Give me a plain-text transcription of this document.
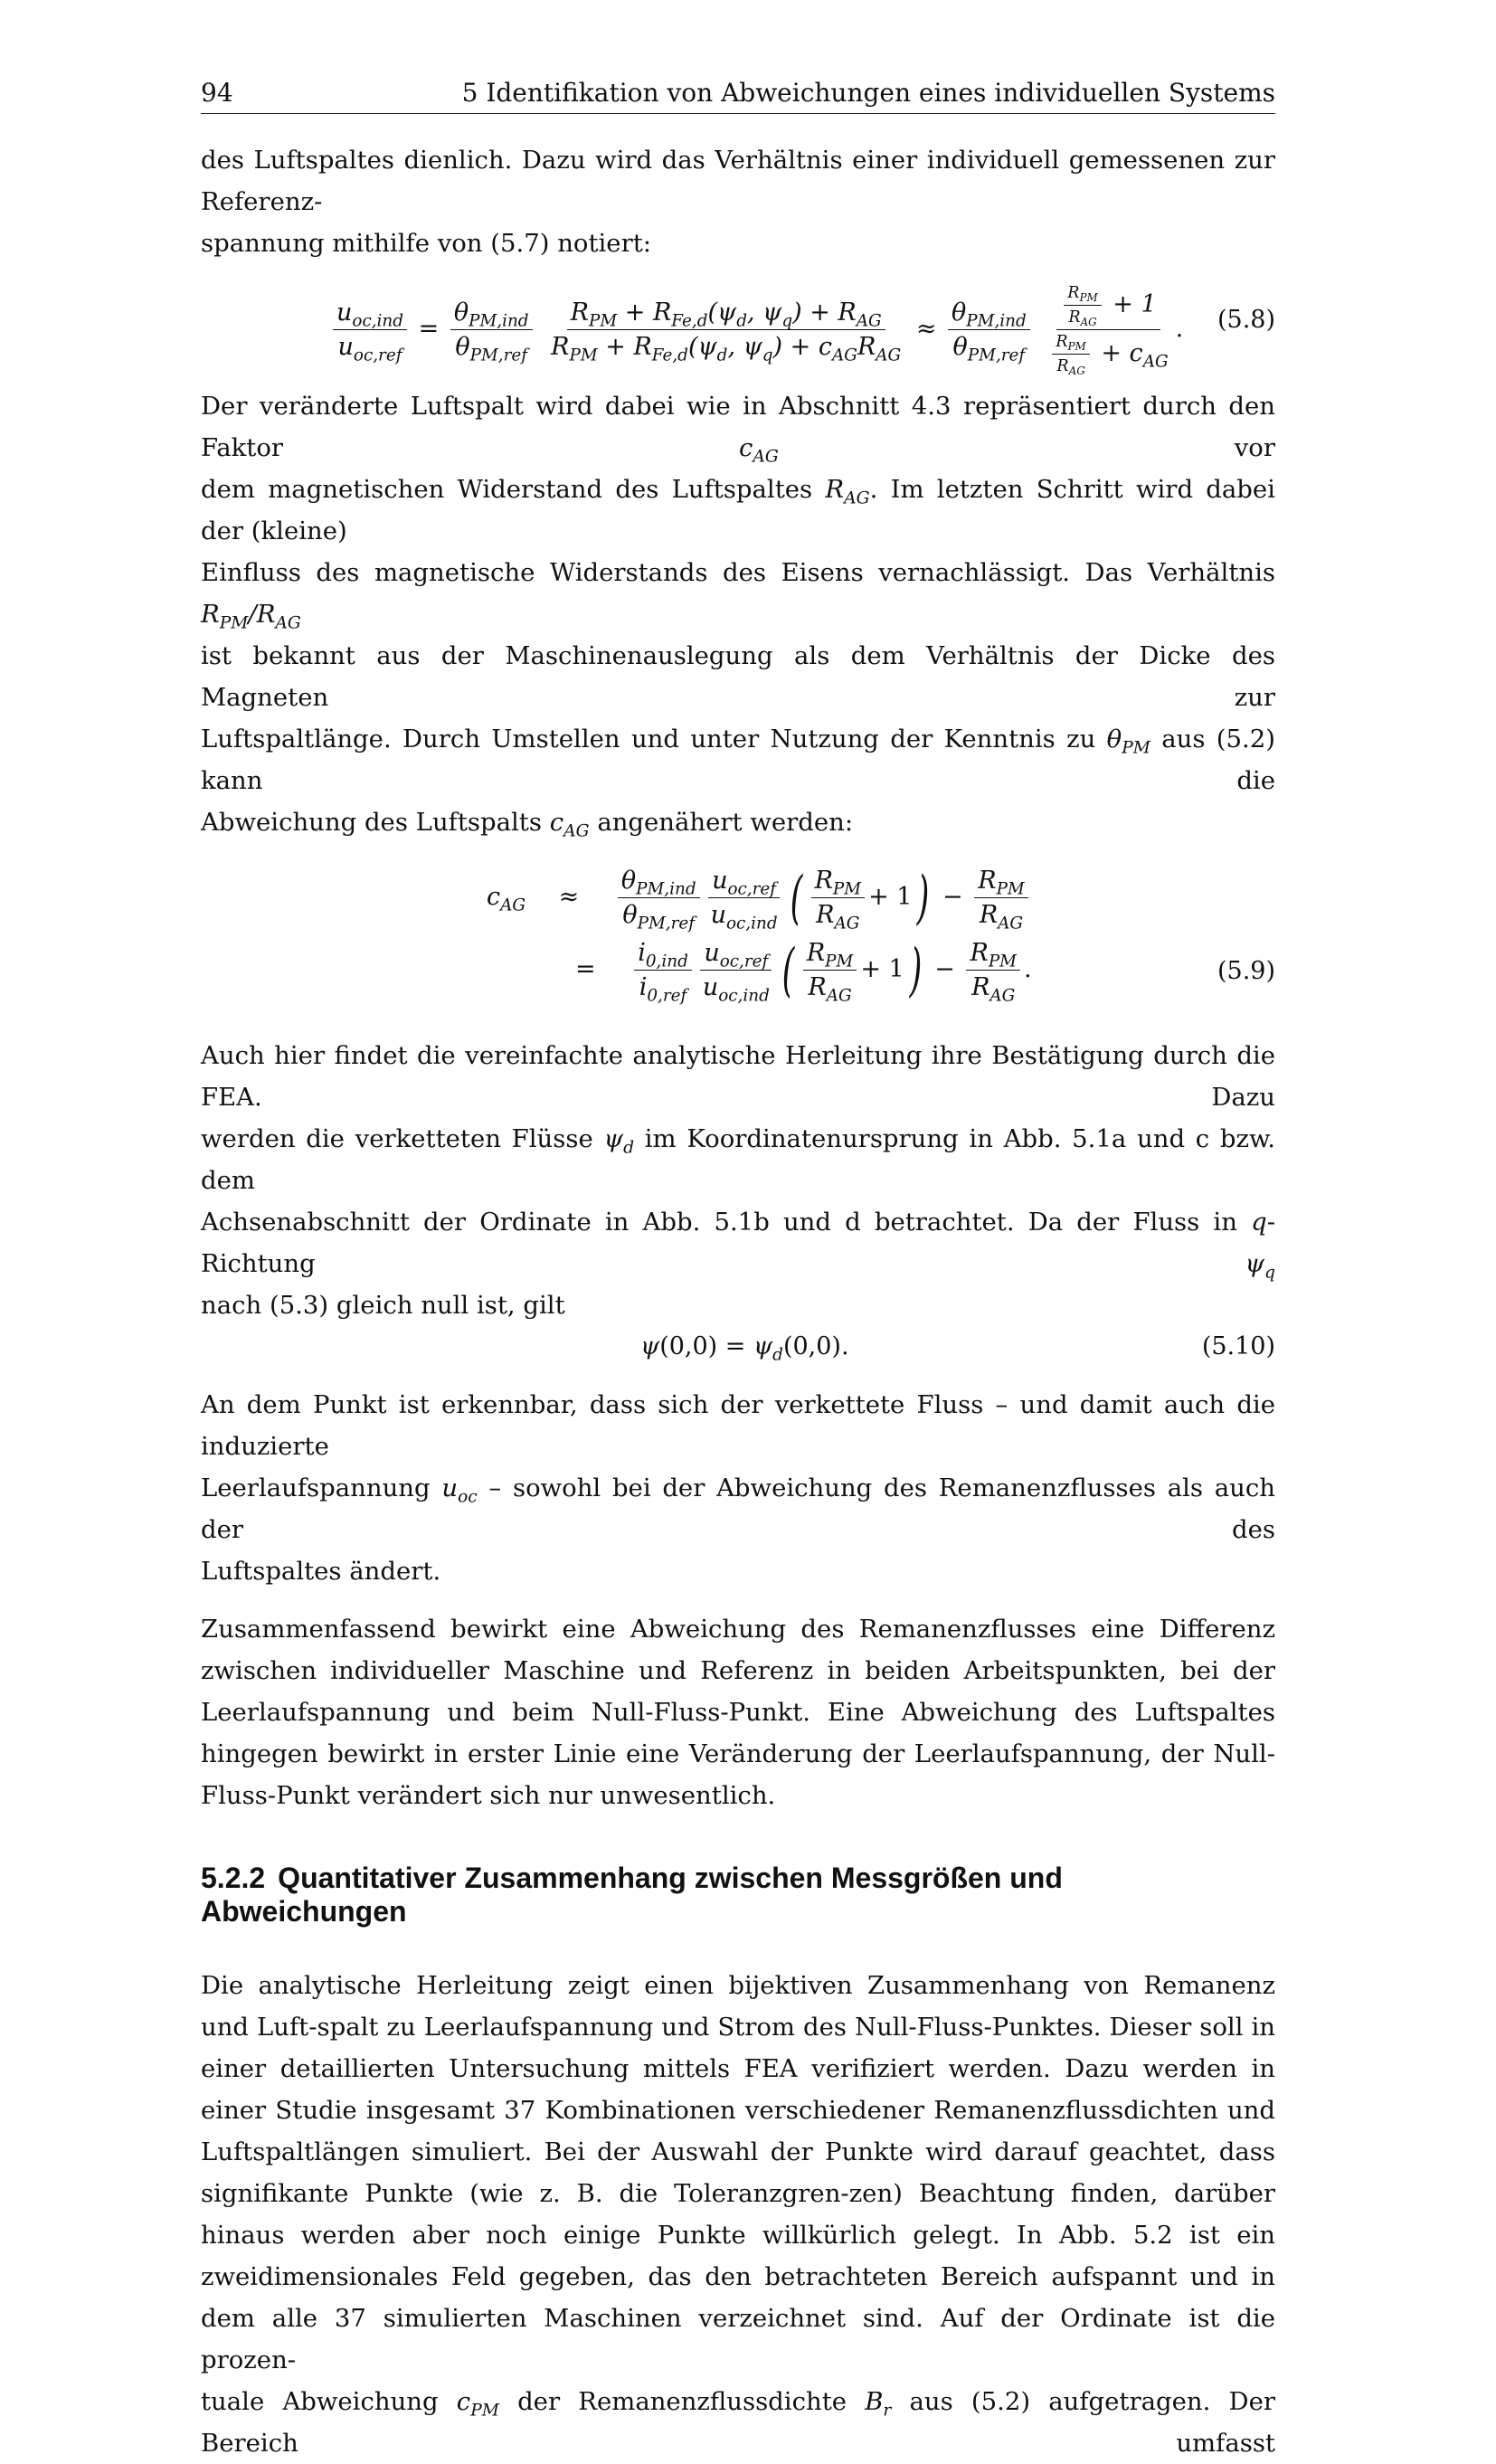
94	5 Identifikation von Abweichungen eines individuellen Systems

des Luftspaltes dienlich. Dazu wird das Verhältnis einer individuell gemessenen zur Referenz-

spannung mithilfe von (5.7) notiert:

$\frac{u_{oc,ind}}{u_{oc,ref}} = \frac{\theta_{PM,ind}}{\theta_{PM,ref}}$
$\frac{R_{PM} + R_{Fe,d}(\psi_d, \psi_q) + R_{AG}}{R_{PM} + R_{Fe,d}(\psi_d, \psi_q) + c_{AG}R_{AG}} \approx \frac{\theta_{PM,ind}}{\theta_{PM,ref}}$
$\frac{\frac{R_{PM}}{R_{AG}} + 1}{\frac{R_{PM}}{R_{AG}} + c_{AG}}$ . (5.8)

Der veränderte Luftspalt wird dabei wie in Abschnitt 4.3 repräsentiert durch den Faktor	$c_{AG}$	vor

dem magnetischen Widerstand des Luftspaltes $R_{AG}$. Im letzten Schritt wird dabei der (kleine)

Einfluss des magnetische Widerstands des Eisens vernachlässigt. Das Verhältnis $R_{PM}/R_{AG}$

ist bekannt aus der Maschinenauslegung als dem Verhältnis der Dicke des Magneten zur

Luftspaltlänge. Durch Umstellen und unter Nutzung der Kenntnis zu $\theta_{PM}$ aus (5.2) kann die

Abweichung des Luftspalts $c_{AG}$ angenähert werden:

$c_{AG} \approx \frac{\theta_{PM,ind}}{\theta_{PM,ref}} \frac{u_{oc,ref}}{u_{oc,ind}}$ ( $\frac{R_{PM}}{R_{AG}} + 1) - \frac{R_{PM}}{R_{AG}}$
= $\frac{i_{0,ind}}{i_{0,ref}} \frac{u_{oc,ref}}{u_{oc,ind}}$ ( $\frac{R_{PM}}{R_{AG}} + 1) - \frac{R_{PM}}{R_{AG}}$ .	(5.9)

Auch hier findet die vereinfachte analytische Herleitung ihre Bestätigung durch die FEA. Dazu

werden die verketteten Flüsse $\psi_d$ im Koordinatenursprung in Abb. 5.1a und c bzw. dem

Achsenabschnitt der Ordinate in Abb. 5.1b und d betrachtet. Da der Fluss in q-Richtung	$\psi_q$

nach (5.3) gleich null ist, gilt

$\psi(0,0) = \psi_d(0,0)$.	(5.10)

An dem Punkt ist erkennbar, dass sich der verkettete Fluss – und damit auch die induzierte

Leerlaufspannung $u_{oc}$ – sowohl bei der Abweichung des Remanenzflusses als auch der des

Luftspaltes ändert.

Zusammenfassend bewirkt eine Abweichung des Remanenzflusses eine Differenz zwischen individueller Maschine und Referenz in beiden Arbeitspunkten, bei der Leerlaufspannung und beim Null-Fluss-Punkt. Eine Abweichung des Luftspaltes hingegen bewirkt in erster Linie eine Veränderung der Leerlaufspannung, der Null-Fluss-Punkt verändert sich nur unwesentlich.

5.2.2 Quantitativer Zusammenhang zwischen Messgrößen und Abweichungen

Die analytische Herleitung zeigt einen bijektiven Zusammenhang von Remanenz und Luft-spalt zu Leerlaufspannung und Strom des Null-Fluss-Punktes. Dieser soll in einer detaillierten Untersuchung mittels FEA verifiziert werden. Dazu werden in einer Studie insgesamt 37 Kombinationen verschiedener Remanenzflussdichten und Luftspaltlängen simuliert. Bei der Auswahl der Punkte wird darauf geachtet, dass signifikante Punkte (wie z. B. die Toleranzgren-zen) Beachtung finden, darüber hinaus werden aber noch einige Punkte willkürlich gelegt. In Abb. 5.2 ist ein zweidimensionales Feld gegeben, das den betrachteten Bereich aufspannt und in dem alle 37 simulierten Maschinen verzeichnet sind. Auf der Ordinate ist die prozen-

tuale Abweichung $c_{PM}$ der Remanenzflussdichte $B_r$ aus (5.2) aufgetragen. Der Bereich umfasst
